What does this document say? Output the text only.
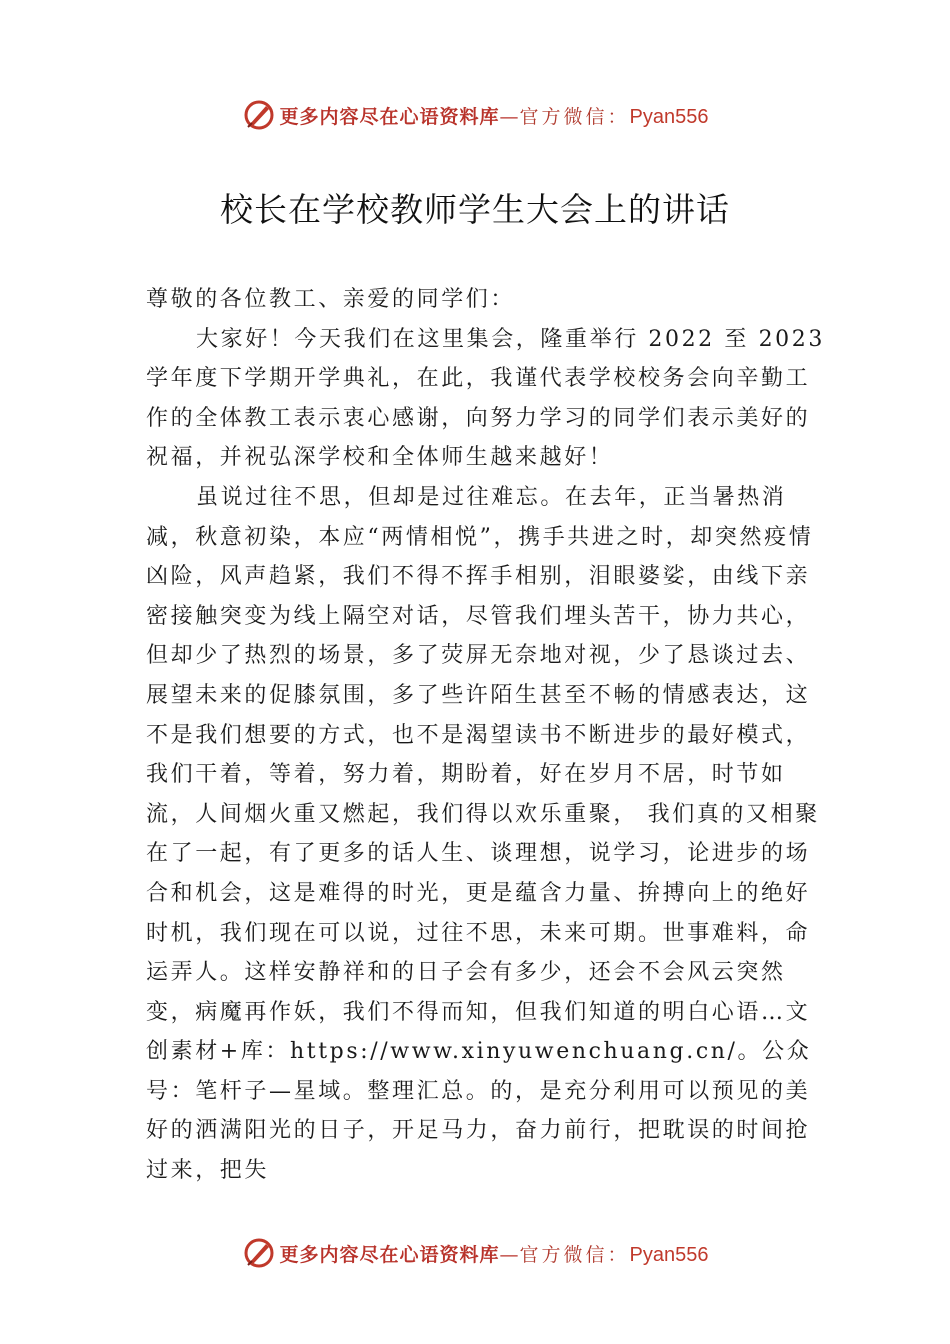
更多内容尽在心语资料库—官方微信：Pyan556
校长在学校教师学生大会上的讲话

尊敬的各位教工、亲爱的同学们：

大家好！今天我们在这里集会，隆重举行 2022 至 2023 学年度下学期开学典礼，在此，我谨代表学校校务会向辛勤工作的全体教工表示衷心感谢，向努力学习的同学们表示美好的祝福，并祝弘深学校和全体师生越来越好！

虽说过往不思，但却是过往难忘。在去年，正当暑热消减，秋意初染，本应“两情相悦”，携手共进之时，却突然疫情凶险，风声趋紧，我们不得不挥手相别，泪眼婆娑，由线下亲密接触突变为线上隔空对话，尽管我们埋头苦干，协力共心，但却少了热烈的场景，多了荧屏无奈地对视，少了恳谈过去、展望未来的促膝氛围，多了些许陌生甚至不畅的情感表达，这不是我们想要的方式，也不是渴望读书不断进步的最好模式，我们干着，等着，努力着，期盼着，好在岁月不居，时节如流，人间烟火重又燃起，我们得以欢乐重聚， 我们真的又相聚在了一起，有了更多的话人生、谈理想，说学习，论进步的场合和机会，这是难得的时光，更是蕴含力量、拚搏向上的绝好时机，我们现在可以说，过往不思，未来可期。世事难料，命运弄人。这样安静祥和的日子会有多少，还会不会风云突然变，病魔再作妖，我们不得而知，但我们知道的明白心语…文创素材+库：https://www.xinyuwenchuang.cn/。公众号：笔杆子—星域。整理汇总。的，是充分利用可以预见的美好的洒满阳光的日子，开足马力，奋力前行，把耽误的时间抢过来，把失

更多内容尽在心语资料库—官方微信：Pyan556
